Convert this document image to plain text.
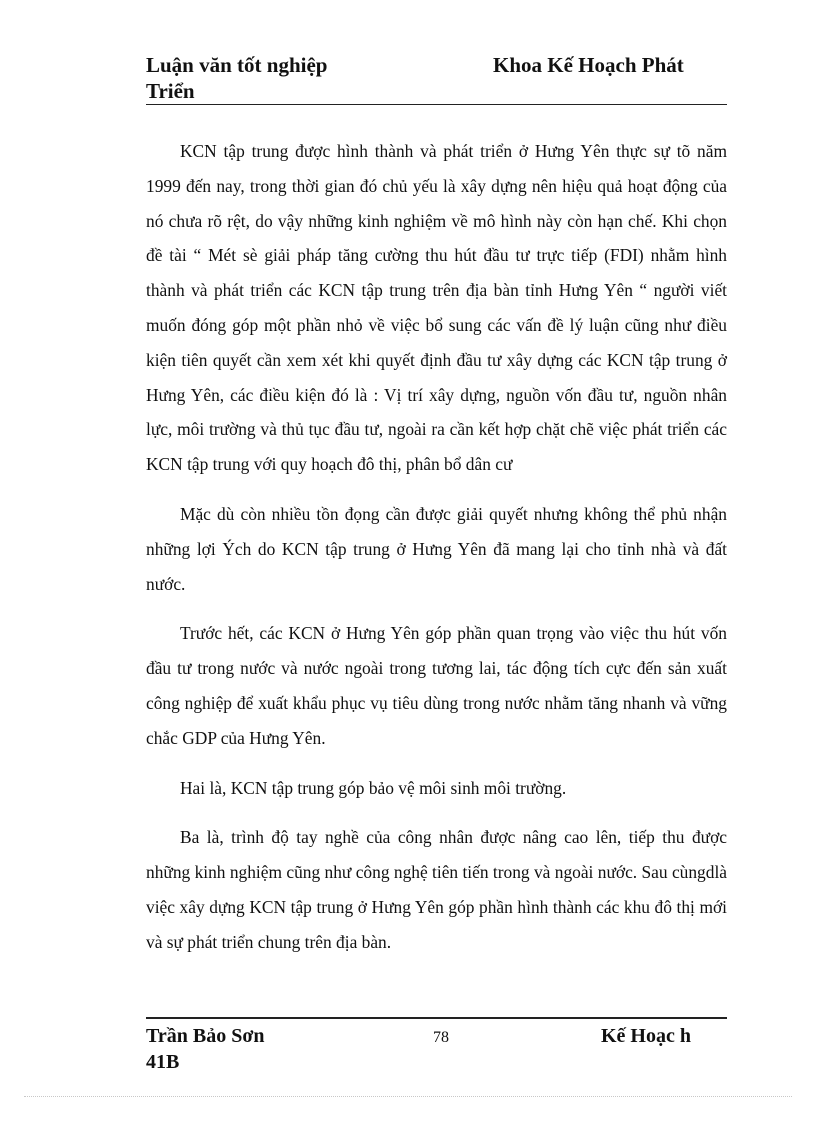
Luận văn tốt nghiệp
Triển
Khoa Kế Hoạch Phát

KCN tập trung được hình thành và phát triển ở Hưng Yên thực sự tõ năm 1999 đến nay, trong thời gian đó chủ yếu là xây dựng nên hiệu quả hoạt động của nó chưa rõ rệt, do vậy những kinh nghiệm về mô hình này còn hạn chế. Khi chọn đề tài “ Mét sè giải pháp tăng cường thu hút đầu tư trực tiếp (FDI) nhằm hình thành và phát triển các KCN tập trung trên địa bàn tỉnh Hưng Yên “ người viết muốn đóng góp một phần nhỏ về việc bổ sung các vấn đề lý luận cũng như điều kiện tiên quyết cần xem xét khi quyết định đầu tư xây dựng các KCN tập trung ở Hưng Yên, các điều kiện đó là : Vị trí xây dựng, nguồn vốn đầu tư, nguồn nhân lực, môi trường và thủ tục đầu tư, ngoài ra cần kết hợp chặt chẽ việc phát triển các KCN tập trung với quy hoạch đô thị, phân bổ dân cư

Mặc dù còn nhiều tồn đọng cần được giải quyết nhưng không thể phủ nhận những lợi Ých do KCN tập trung ở Hưng Yên đã mang lại cho tỉnh nhà và đất nước.

Trước hết, các KCN ở Hưng Yên góp phần quan trọng vào việc thu hút vốn đầu tư trong nước và nước ngoài trong tương lai, tác động tích cực đến sản xuất công nghiệp để xuất khẩu phục vụ tiêu dùng trong nước nhằm tăng nhanh và vững chắc GDP của Hưng Yên.

Hai là, KCN tập trung góp bảo vệ môi sinh môi trường.

Ba là, trình độ tay nghề của công nhân được nâng cao lên, tiếp thu được những kinh nghiệm cũng như công nghệ tiên tiến trong và ngoài nước. Sau cùngdlà việc xây dựng KCN tập trung ở Hưng Yên góp phần hình thành các khu đô thị mới và sự phát triển chung trên địa bàn.

Trần Bảo Sơn
41B
78	Kế Hoạc h
